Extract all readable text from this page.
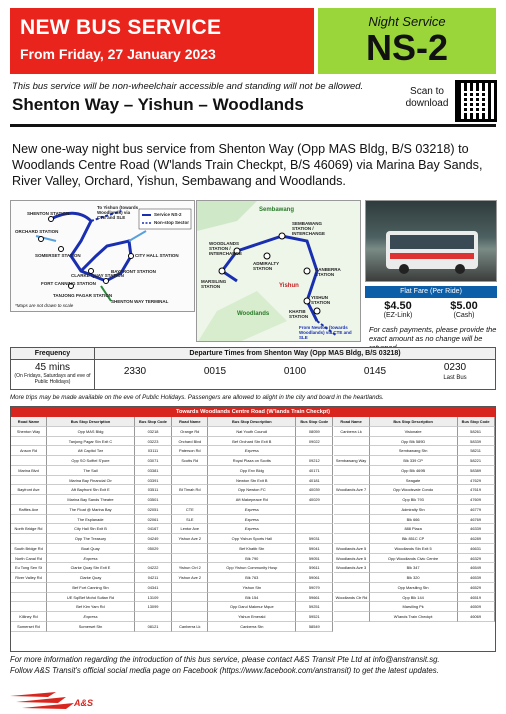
NEW BUS SERVICE
From Friday, 27 January 2023
Night Service
NS-2
This bus service will be non-wheelchair accessible and standing will not be allowed.
Shenton Way – Yishun – Woodlands
Scan to download
New one-way night bus service from Shenton Way (Opp MAS Bldg, B/S 03218) to Woodlands Centre Road (W'lands Train Checkpt, B/S 46069) via Marina Bay Sands, River Valley, Orchard, Yishun, Sembawang and Woodlands.
SHENTON STATION
To Yishun (towards Woodlands) via CTE and SLE
ORCHARD STATION
SOMERSET STATION	CITY HALL STATION
CLARKE QUAY STATION
FORT CANNING STATION
BAYFRONT STATION
TANJONG PAGAR STATION
SHENTON WAY TERMINAL
Service NS-2
Non-stop Sector
*Maps are not drawn to scale
Sembawang
SEMBAWANG STATION / INTERCHANGE
WOODLANDS STATION / INTERCHANGE
ADMIRALTY STATION	CANBERRA STATION
MARSILING STATION
YISHUN STATION
KHATIB STATION
Woodlands
Yishun
From Newton (towards Woodlands) via CTE and SLE
Flat Fare (Per Ride)
$4.50
(EZ-Link)
$5.00
(Cash)
For cash payments, please provide the exact amount as no change will be
Frequency
45 mins
(On Fridays, Saturdays and eve of Public Holidays)
Departure Times from Shenton Way (Opp MAS Bldg, B/S 03218)
2330	0015	0100	0145	0230
Last Bus
More trips may be made available on the eve of Public Holidays. Passengers are allowed to alight in the city and board in the heartlands.
Towards Woodlands Centre Road (W'lands Train Checkpt)
Road Name	Bus Stop Description	Bus Stop Code
Shenton Way	Opp MAS Bldg	03218
Tanjong Pagar Stn Exit C	03223
Anson Rd	Aft Capitol Twr	03111
Opp SO Sofitel S'pore	03071
Marina Blvd	The Sail	03381
Marina Bay Financial Ctr	03391
Bayfront Ave	Aft Bayfront Stn Exit E	03511
Marina Bay Sands Theatre	03501
Raffles Ave	The Float @ Marina Bay	02051
The Esplanade	02061
North Bridge Rd	City Hall Stn Exit B	04167
Opp The Treasury	04249
South Bridge Rd	Boat Quay	05029
North Canal Rd	Express
Eu Tong Sen St	Clarke Quay Stn Exit E	04222
River Valley Rd	Clarke Quay	04211
Bef Fort Canning Stn	04341
UE Sq/Bef Mohd Sultan Rd	13109
Bef Kim Yam Rd	13099
Killiney Rd	Express
Somerset Rd	Somerset Stn	08121
Road Name	Bus Stop Description	Bus Stop Code
Orange Rd	Nat Youth Council	08059
Orchard Blvd	Bef Orchard Stn Exit B	09022
Paterson Rd	Express
Scotts Rd	Royal Plaza on Scotts	09212
Opp Env Bldg	40171
Newton Stn Exit B	40181
Bt Timah Rd	Opp Newton FC	40039
Aft Makepeace Rd	40029
CTE	Express
SLE	Express
Lentor Ave	Express
Yishun Ave 2	Opp Yishun Sports Hall	59031
Bef Khatib Stn	59041
Blk 790	59051
Yishun Ctrl 2	Opp Yishun Community Hosp	59611
Yishun Ave 2	Blk 763	59061
Yishun Stn	59079
Blk 154	59661
Opp Darul Makmur Mque	59251
Yishun Emerald	59521
Canberra Lk	Canberra Stn	58549
Road Name	Bus Stop Description	Bus Stop Code
Canberra Lk	Visionaire	58261
Opp Blk 589D	58339
Sembawang Stn	58211
Sembawang Way	Blk 339 CP	58221
Opp Blk 469B	58389
Seagate	47629
Woodlands Ave 7	Opp Woodsvale Condo	47619
Opp Blk 793	47609
Admiralty Stn	46779
Blk 666	46769
888 Plaza	46339
Blk 851C CP	46289
Woodlands Ave 5	Woodlands Stn Exit 5	46631
Woodlands Ave 5	Opp Woodlands Civic Centre	46329
Woodlands Ave 3	Blk 347	46549
Blk 320	46539
Opp Marsiling Stn	46529
Woodlands Ctr Rd	Opp Blk 144	46519
Marsiling Pk	46509
W'lands Train Checkpt	46069
For more information regarding the introduction of this bus service, please contact A&S Transit Pte Ltd at info@anstransit.sg.
Follow A&S Transit's official social media page on Facebook (https://www.facebook.com/anstransit) to get the latest updates.
A&S
